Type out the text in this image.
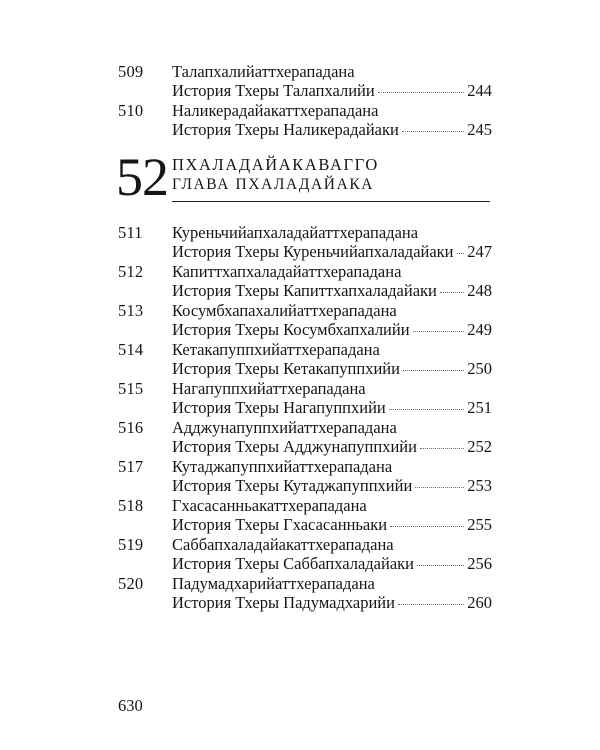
509 Талапхалийаттхерападана
История Тхеры Талапхалийи	244
510 Наликерадайакаттхерападана
История Тхеры Наликерадайаки	245
52 ПХАЛАДАЙАКАВАГГО
ГЛАВА ПХАЛАДАЙАКА
511 Куреньчийапхаладайаттхерападана
История Тхеры Куреньчийапхаладайаки 247
512 Капиттхапхаладайаттхерападана
История Тхеры Капиттхапхаладайаки 248
513 Косумбхапахалийаттхерападана
История Тхеры Косумбхапхалийи	249
514 Кетакапуппхийаттхерападана
История Тхеры Кетакапуппхийи	250
515 Нагапуппхийаттхерападана
История Тхеры Нагапуппхийи	251
516 Адджунапуппхийаттхерападана
История Тхеры Адджунапуппхийи	252
517 Кутаджапуппхийаттхерападана
История Тхеры Кутаджапуппхийи	253
518 Гхасасанньакаттхерападана
История Тхеры Гхасасанньаки	255
519 Саббапхаладайакаттхерападана
История Тхеры Саббапхаладайаки	256
520 Падумадхарийаттхерападана
История Тхеры Падумадхарийи	260
630
